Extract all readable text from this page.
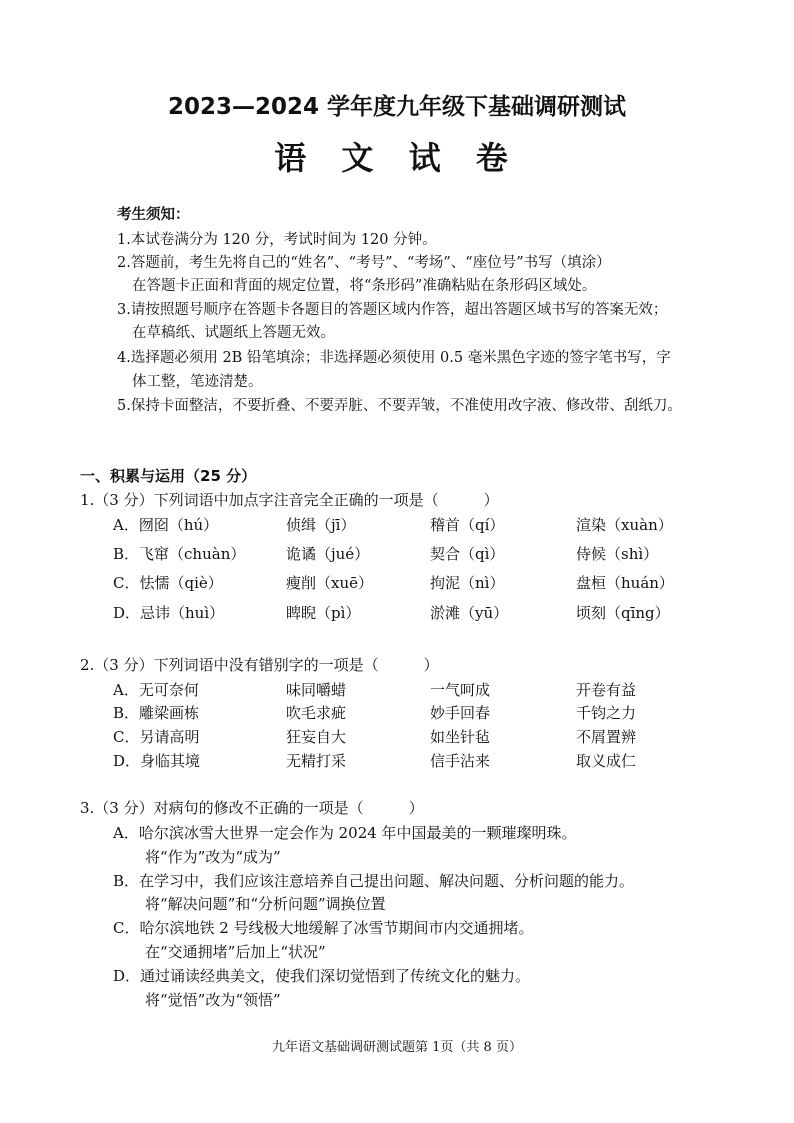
2023—2024 学年度九年级下基础调研测试
语 文 试 卷
考生须知：
1.本试卷满分为 120 分，考试时间为 120 分钟。
2.答题前，考生先将自己的“姓名”、“考号”、“考场”、“座位号”书写（填涂）
在答题卡正面和背面的规定位置，将“条形码”准确粘贴在条形码区域处。
3.请按照题号顺序在答题卡各题目的答题区域内作答，超出答题区域书写的答案无效；
在草稿纸、试题纸上答题无效。
4.选择题必须用 2B 铅笔填涂；非选择题必须使用 0.5 毫米黑色字迹的签字笔书写，字
体工整，笔迹清楚。
5.保持卡面整洁，不要折叠、不要弄脏、不要弄皱，不准使用改字液、修改带、刮纸刀。
一、积累与运用（25 分）
1.（3 分）下列词语中加点字注音完全正确的一项是（　　　）
A．囫囵（hú）	侦缉（jī）	稽首（qí）	渲染（xuàn）
B．飞窜（chuàn）	诡谲（jué）	契合（qì）	侍候（shì）
C．怯懦（qiè）	瘦削（xuē）	拘泥（nì）	盘桓（huán）
D．忌讳（huì）	睥睨（pì）	淤滩（yū）	顷刻（qīng）
2.（3 分）下列词语中没有错别字的一项是（　　　）
A．无可奈何	味同嚼蜡	一气呵成	开卷有益
B．雕梁画栋	吹毛求疵	妙手回春	千钧之力
C．另请高明	狂妄自大	如坐针毡	不屑置辨
D．身临其境	无精打采	信手沾来	取义成仁
3.（3 分）对病句的修改不正确的一项是（　　　）
A．哈尔滨冰雪大世界一定会作为 2024 年中国最美的一颗璀璨明珠。
将“作为”改为“成为”
B．在学习中，我们应该注意培养自己提出问题、解决问题、分析问题的能力。
将“解决问题”和“分析问题”调换位置
C．哈尔滨地铁 2 号线极大地缓解了冰雪节期间市内交通拥堵。
在“交通拥堵”后加上“状况”
D．通过诵读经典美文，使我们深切觉悟到了传统文化的魅力。
将“觉悟”改为“领悟”
九年语文基础调研测试题第 1页（共 8 页）
